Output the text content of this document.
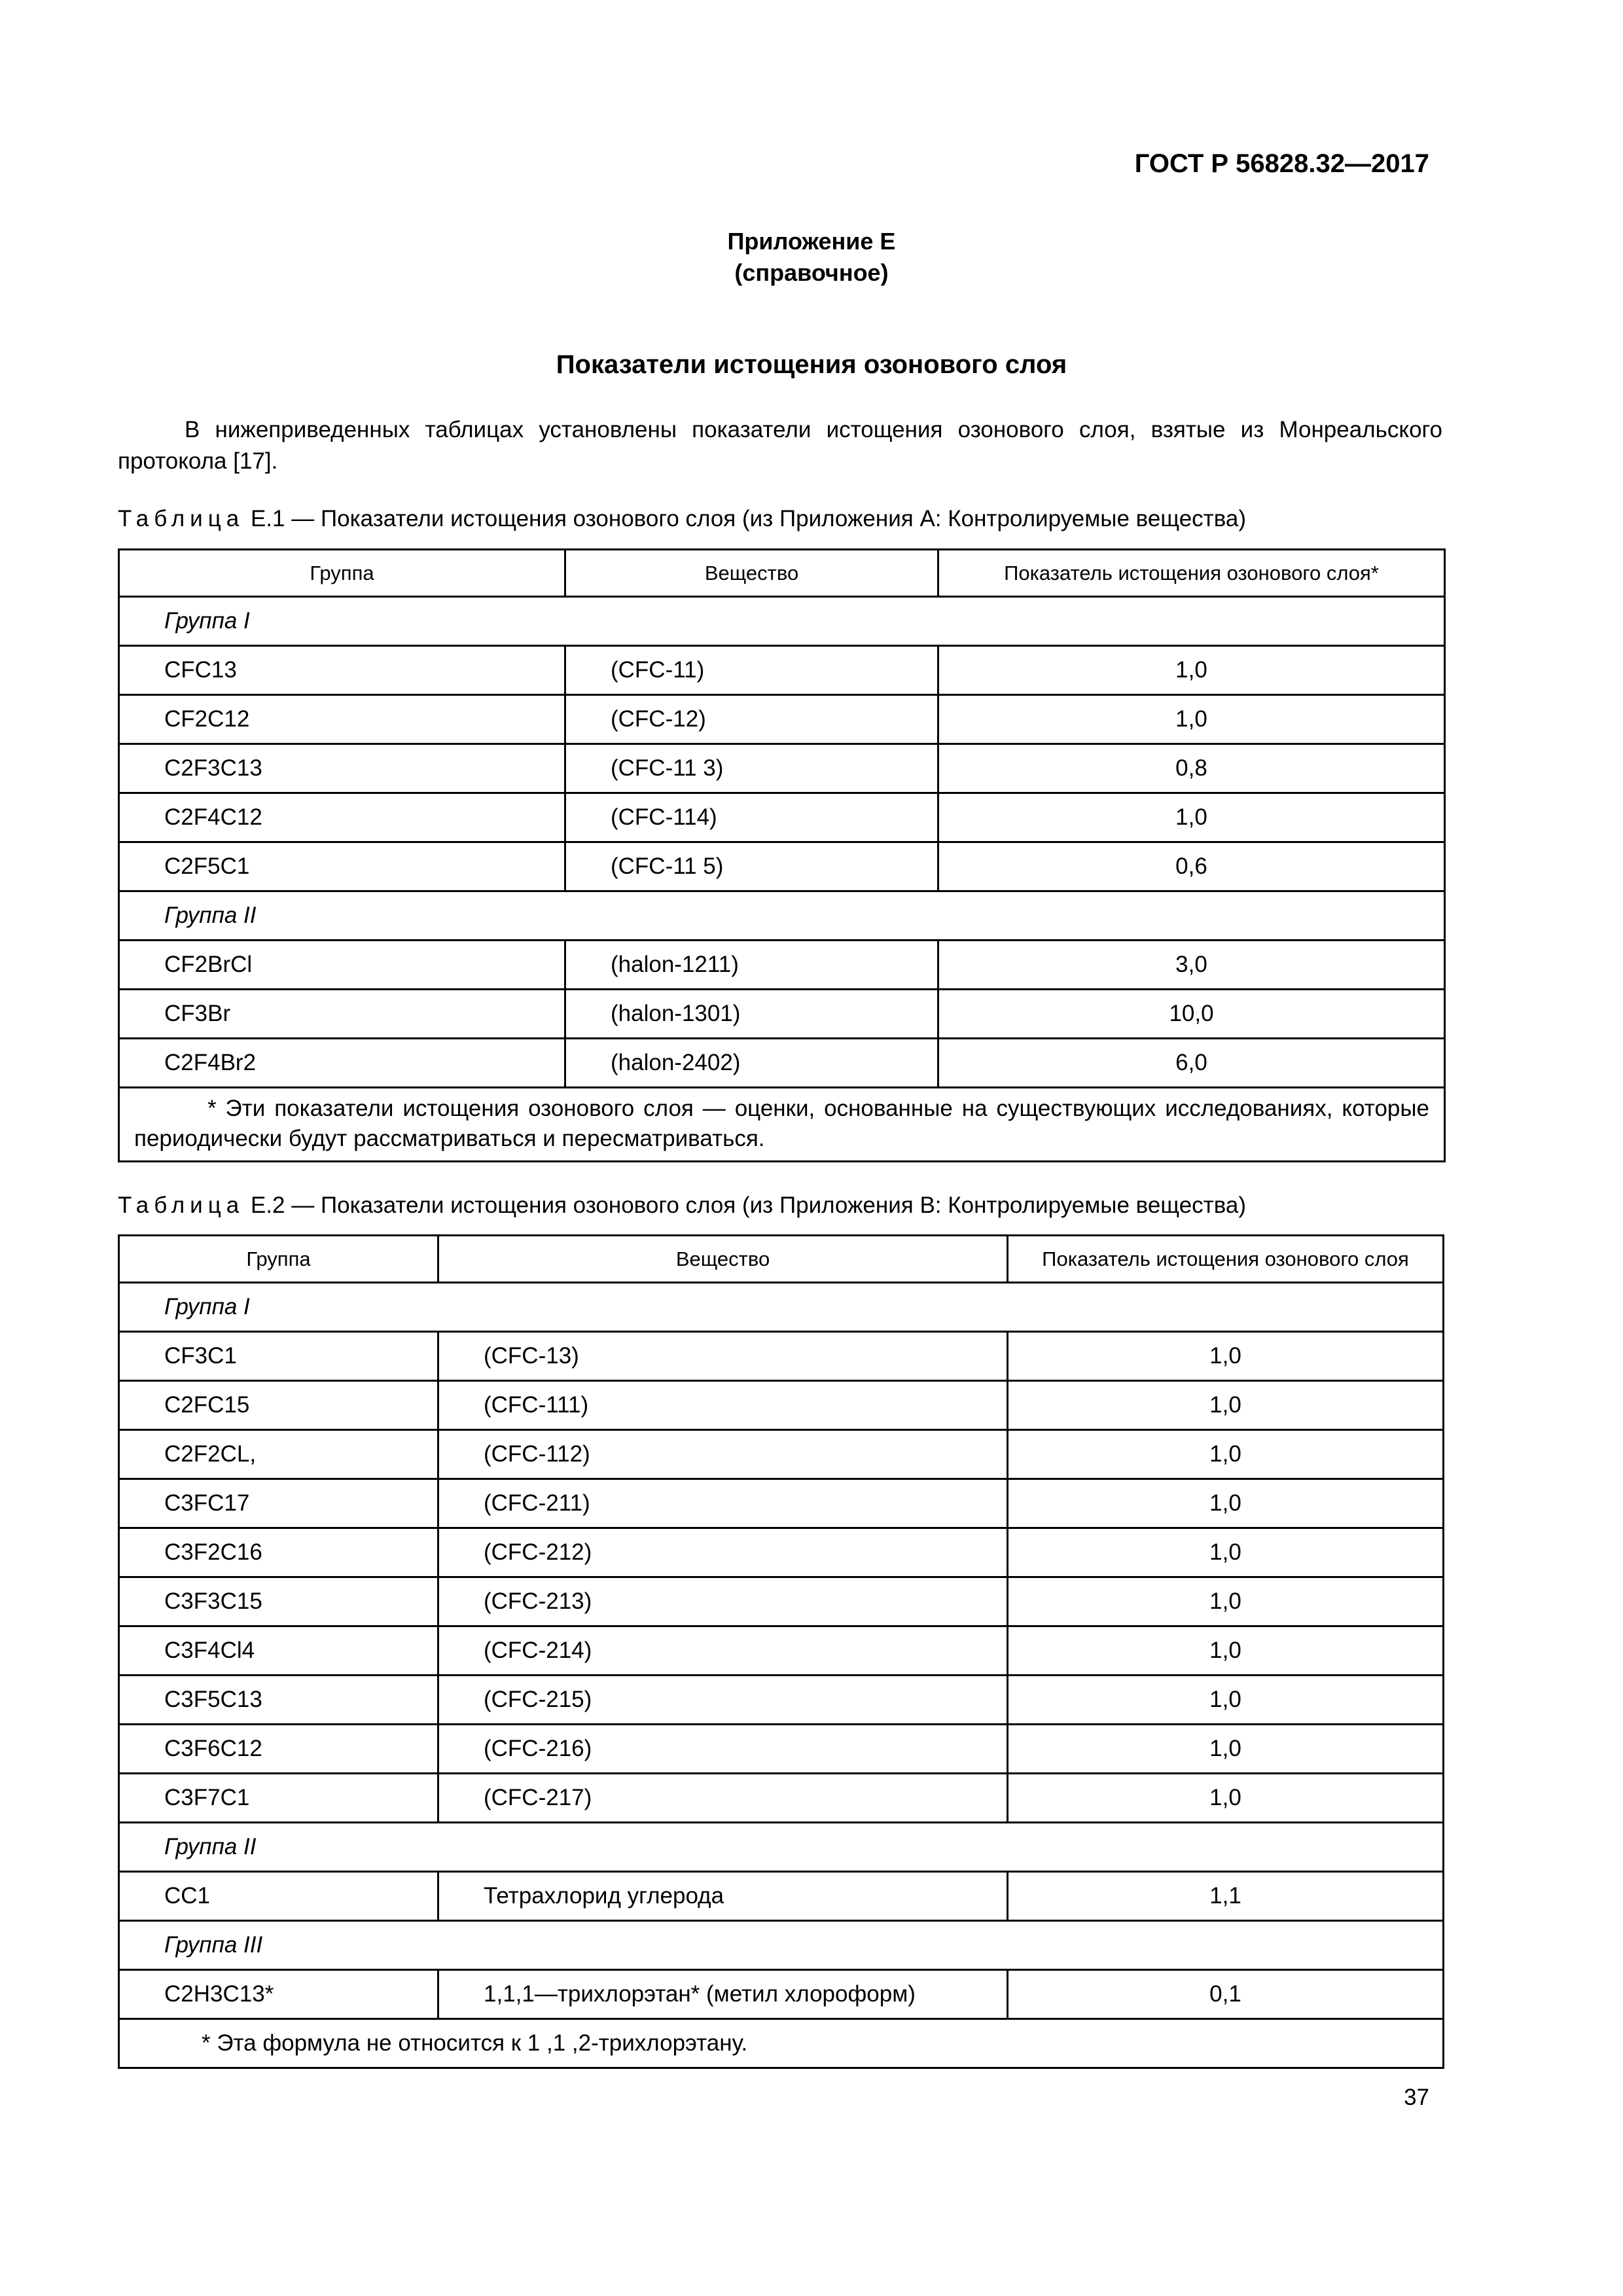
ГОСТ Р 56828.32—2017
Приложение Е
(справочное)
Показатели истощения озонового слоя
В нижеприведенных таблицах установлены показатели истощения озонового слоя, взятые из Монреальского протокола [17].
Таблица Е.1 — Показатели истощения озонового слоя (из Приложения А: Контролируемые вещества)
Группа	Вещество	Показатель истощения озонового слоя*
Группа I		
CFC13	(CFC-11)	1,0
CF2C12	(CFC-12)	1,0
C2F3C13	(CFC-11 3)	0,8
C2F4C12	(CFC-114)	1,0
C2F5C1	(CFC-11 5)	0,6
Группа II		
CF2BrCl	(halon-1211)	3,0
CF3Br	(halon-1301)	10,0
C2F4Br2	(halon-2402)	6,0
* Эти показатели истощения озонового слоя — оценки, основанные на существующих исследованиях, которые периодически будут рассматриваться и пересматриваться.		
Таблица Е.2 — Показатели истощения озонового слоя (из Приложения В: Контролируемые вещества)
Группа	Вещество	Показатель истощения озонового слоя
Группа I		
CF3C1	(CFC-13)	1,0
C2FC15	(CFC-111)	1,0
C2F2CL,	(CFC-112)	1,0
C3FC17	(CFC-211)	1,0
C3F2C16	(CFC-212)	1,0
C3F3C15	(CFC-213)	1,0
C3F4Cl4	(CFC-214)	1,0
C3F5C13	(CFC-215)	1,0
C3F6C12	(CFC-216)	1,0
C3F7C1	(CFC-217)	1,0
Группа II		
CC1	Тетрахлорид углерода	1,1
Группа III		
C2H3C13*	1,1,1—трихлорэтан* (метил хлороформ)	0,1
* Эта формула не относится к 1 ,1 ,2-трихлорэтану.		
37
